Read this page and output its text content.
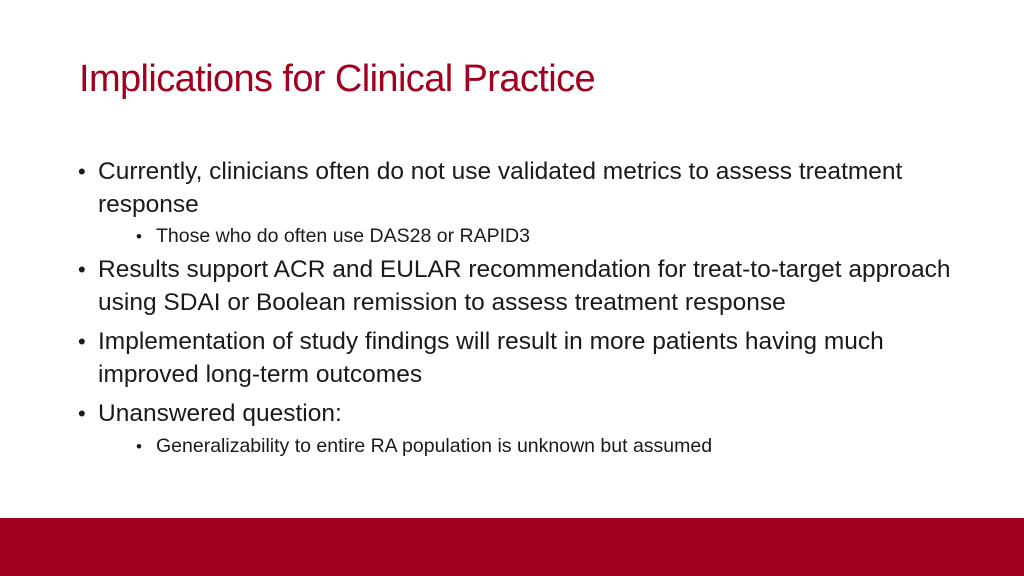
Implications for Clinical Practice
• Currently, clinicians often do not use validated metrics to assess treatment response
• Those who do often use DAS28 or RAPID3
• Results support ACR and EULAR recommendation for treat-to-target approach using SDAI or Boolean remission to assess treatment response
• Implementation of study findings will result in more patients having much improved long-term outcomes
• Unanswered question:
• Generalizability to entire RA population is unknown but assumed
